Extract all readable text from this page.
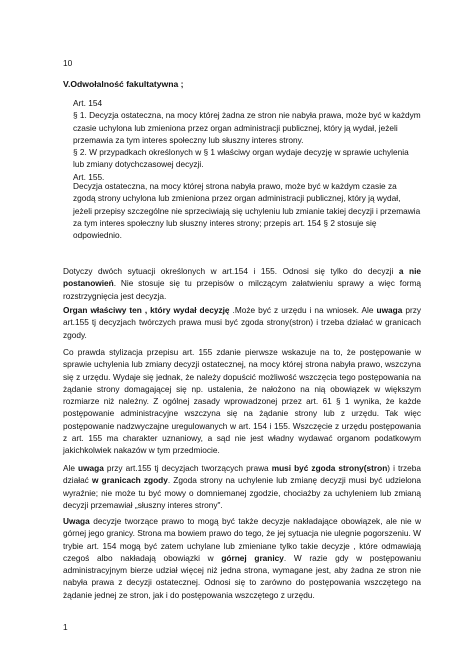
10
V.Odwołalność fakultatywna ;

Art. 154

§ 1. Decyzja ostateczna, na mocy której żadna ze stron nie nabyła prawa, może być w każdym czasie uchylona lub zmieniona przez organ administracji publicznej, który ją wydał, jeżeli przemawia za tym interes społeczny lub słuszny interes strony.

§ 2. W przypadkach określonych w § 1 właściwy organ wydaje decyzję w sprawie uchylenia lub zmiany dotychczasowej decyzji.

Art. 155.

Decyzja ostateczna, na mocy której strona nabyła prawo, może być w każdym czasie za zgodą strony uchylona lub zmieniona przez organ administracji publicznej, który ją wydał, jeżeli przepisy szczególne nie sprzeciwiają się uchyleniu lub zmianie takiej decyzji i przemawia za tym interes społeczny lub słuszny interes strony; przepis art. 154 § 2 stosuje się odpowiednio.

Dotyczy dwóch sytuacji określonych w art.154 i 155. Odnosi się tylko do decyzji a nie postanowień. Nie stosuje się tu przepisów o milczącym załatwieniu sprawy a więc formą rozstrzygnięcia jest decyzja.

Organ właściwy ten , który wydał decyzję .Może być z urzędu i na wniosek. Ale uwaga przy art.155 tj decyzjach twórczych prawa musi być zgoda strony(stron) i trzeba działać w granicach zgody.

Co prawda stylizacja przepisu art. 155 zdanie pierwsze wskazuje na to, że postępowanie w sprawie uchylenia lub zmiany decyzji ostatecznej, na mocy której strona nabyła prawo, wszczyna się z urzędu. Wydaje się jednak, że należy dopuścić możliwość wszczęcia tego postępowania na żądanie strony domagającej się np. ustalenia, że nałożono na nią obowiązek w większym rozmiarze niż należny. Z ogólnej zasady wprowadzonej przez art. 61 § 1 wynika, że każde postępowanie administracyjne wszczyna się na żądanie strony lub z urzędu. Tak więc postępowanie nadzwyczajne uregulowanych w art. 154 i 155. Wszczęcie z urzędu postępowania z art. 155 ma charakter uznaniowy, a sąd nie jest władny wydawać organom podatkowym jakichkolwiek nakazów w tym przedmiocie.

Ale uwaga przy art.155 tj decyzjach tworzących prawa musi być zgoda strony(stron) i trzeba działać w granicach zgody. Zgoda strony na uchylenie lub zmianę decyzji musi być udzielona wyraźnie; nie może tu być mowy o domniemanej zgodzie, chociażby za uchyleniem lub zmianą decyzji przemawiał „słuszny interes strony".

Uwaga decyzje tworzące prawo to mogą być także decyzje nakładające obowiązek, ale nie w górnej jego granicy. Strona ma bowiem prawo do tego, że jej sytuacja nie ulegnie pogorszeniu. W trybie art. 154 mogą być zatem uchylane lub zmieniane tylko takie decyzje , które odmawiają czegoś albo nakładają obowiązki w górnej granicy. W razie gdy w postępowaniu administracyjnym bierze udział więcej niż jedna strona, wymagane jest, aby żadna ze stron nie nabyła prawa z decyzji ostatecznej. Odnosi się to zarówno do postępowania wszczętego na żądanie jednej ze stron, jak i do postępowania wszczętego z urzędu.

1
